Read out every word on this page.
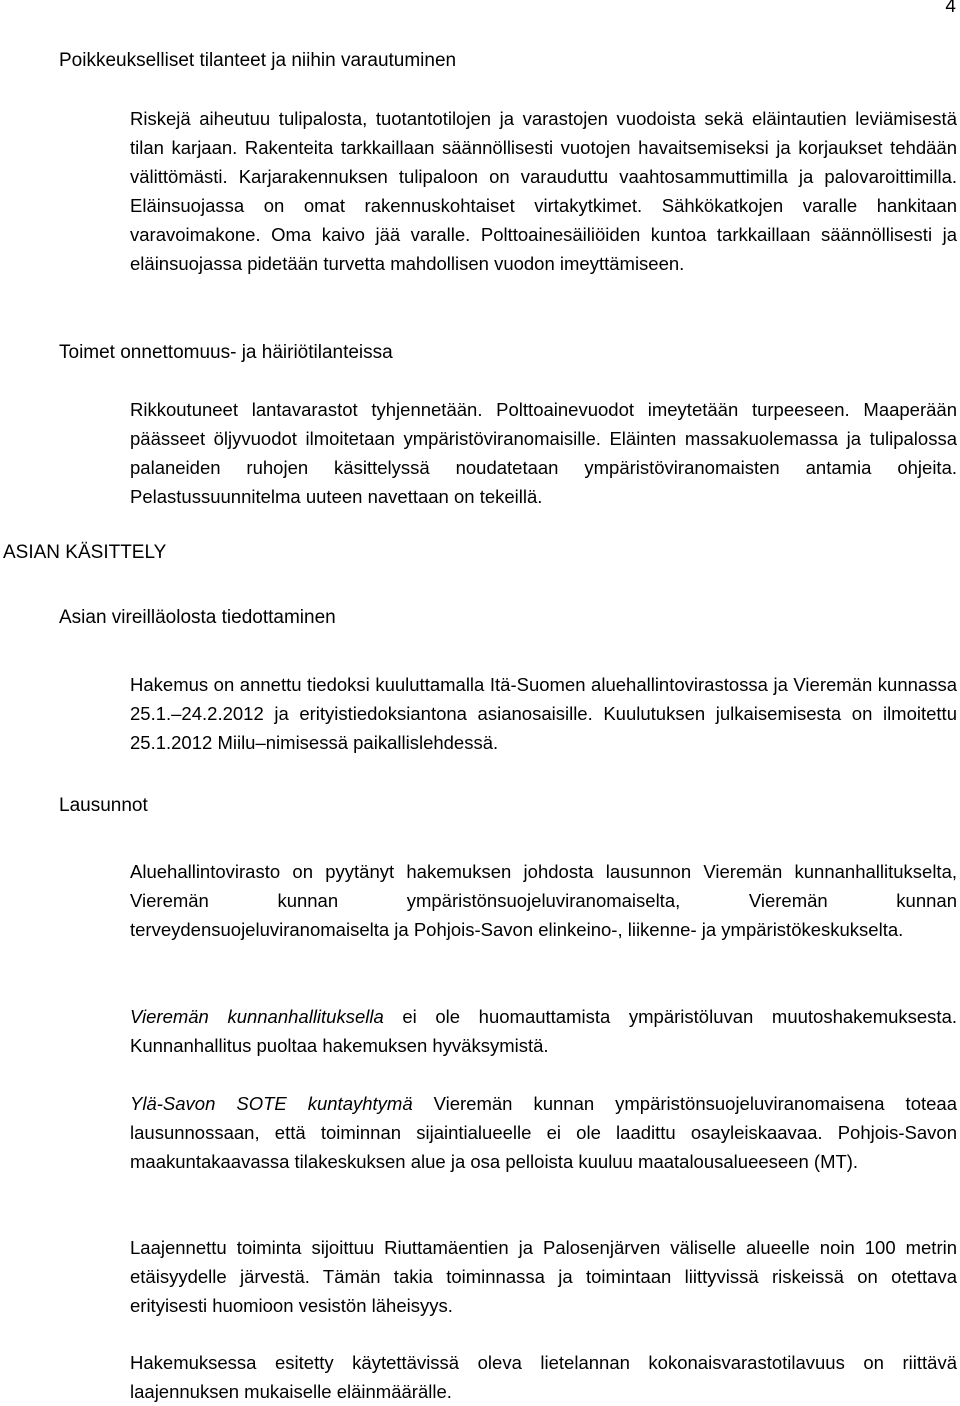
4
Poikkeukselliset tilanteet ja niihin varautuminen

Riskejä aiheutuu tulipalosta, tuotantotilojen ja varastojen vuodoista sekä eläintautien leviämisestä tilan karjaan. Rakenteita tarkkaillaan säännöllisesti vuotojen havaitsemiseksi ja korjaukset tehdään välittömästi. Karjarakennuksen tulipaloon on varauduttu vaahtosammuttimilla ja palovaroittimilla. Eläinsuojassa on omat rakennuskohtaiset virtakytkimet. Sähkökatkojen varalle hankitaan varavoimakone. Oma kaivo jää varalle. Polttoainesäiliöiden kuntoa tarkkaillaan säännöllisesti ja eläinsuojassa pidetään turvetta mahdollisen vuodon imeyttämiseen.

Toimet onnettomuus- ja häiriötilanteissa

Rikkoutuneet lantavarastot tyhjennetään. Polttoainevuodot imeytetään turpeeseen. Maaperään päässeet öljyvuodot ilmoitetaan ympäristöviranomaisille. Eläinten massakuolemassa ja tulipalossa palaneiden ruhojen käsittelyssä noudatetaan ympäristöviranomaisten antamia ohjeita. Pelastussuunnitelma uuteen navettaan on tekeillä.

ASIAN KÄSITTELY
Asian vireilläolosta tiedottaminen

Hakemus on annettu tiedoksi kuuluttamalla Itä-Suomen aluehallintovirastossa ja Vieremän kunnassa 25.1.–24.2.2012 ja erityistiedoksiantona asianosaisille. Kuulutuksen julkaisemisesta on ilmoitettu 25.1.2012 Miilu–nimisessä paikallislehdessä.

Lausunnot

Aluehallintovirasto on pyytänyt hakemuksen johdosta lausunnon Vieremän kunnanhallitukselta, Vieremän kunnan ympäristönsuojeluviranomaiselta, Vieremän kunnan terveydensuojeluviranomaiselta ja Pohjois-Savon elinkeino-, liikenne- ja ympäristökeskukselta.

Vieremän kunnanhallituksella ei ole huomauttamista ympäristöluvan muutoshakemuksesta. Kunnanhallitus puoltaa hakemuksen hyväksymistä.

Ylä-Savon SOTE kuntayhtymä Vieremän kunnan ympäristönsuojeluviranomaisena toteaa lausunnossaan, että toiminnan sijaintialueelle ei ole laadittu osayleiskaavaa. Pohjois-Savon maakuntakaavassa tilakeskuksen alue ja osa pelloista kuuluu maatalousalueeseen (MT).

Laajennettu toiminta sijoittuu Riuttamäentien ja Palosenjärven väliselle alueelle noin 100 metrin etäisyydelle järvestä. Tämän takia toiminnassa ja toimintaan liittyvissä riskeissä on otettava erityisesti huomioon vesistön läheisyys.

Hakemuksessa esitetty käytettävissä oleva lietelannan kokonaisvarastotilavuus on riittävä laajennuksen mukaiselle eläinmäärälle.
